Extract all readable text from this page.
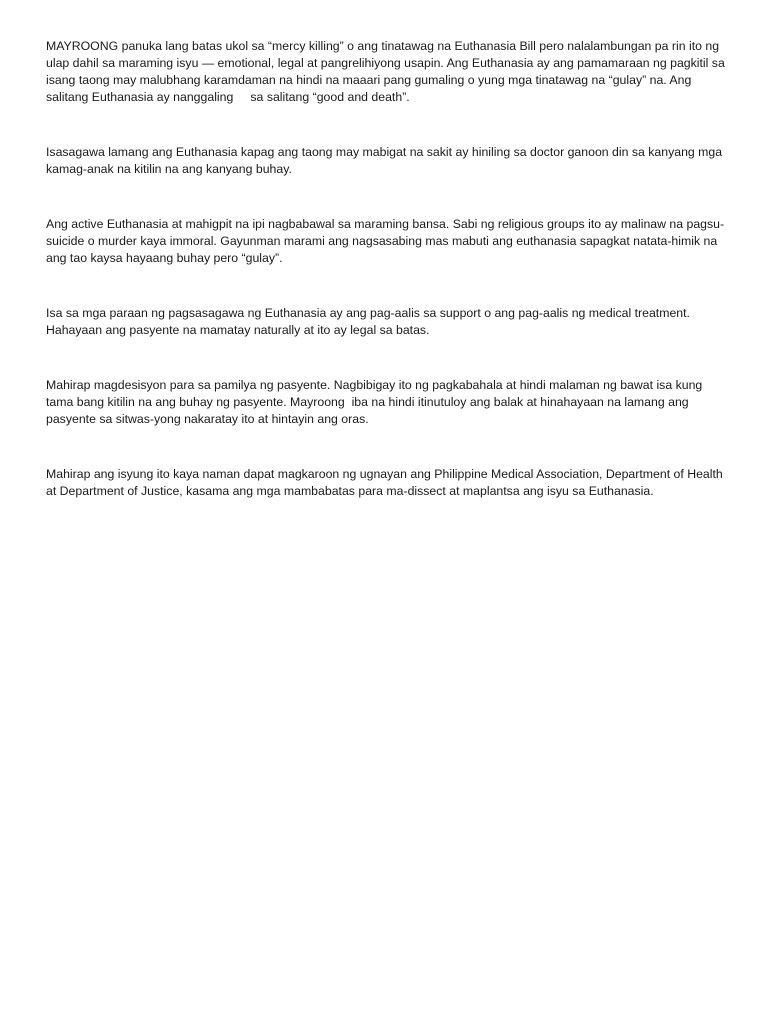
MAYROONG panuka lang batas ukol sa “mercy killing” o ang tinatawag na Euthanasia Bill pero nalalambungan pa rin ito ng ulap dahil sa maraming isyu — emotional, legal at pangrelihiyong usapin. Ang Euthanasia ay ang pamamaraan ng pagkitil sa isang taong may malubhang karamdaman na hindi na maaari pang gumaling o yung mga tinatawag na “gulay” na. Ang salitang Euthanasia ay nanggaling     sa salitang “good and death”.

Isasagawa lamang ang Euthanasia kapag ang taong may mabigat na sakit ay hiniling sa doctor ganoon din sa kanyang mga kamag-anak na kitilin na ang kanyang buhay.

Ang active Euthanasia at mahigpit na ipi nagbabawal sa maraming bansa. Sabi ng religious groups ito ay malinaw na pagsu-suicide o murder kaya immoral. Gayunman marami ang nagsasabing mas mabuti ang euthanasia sapagkat natata-himik na ang tao kaysa hayaang buhay pero “gulay”.

Isa sa mga paraan ng pagsasagawa ng Euthanasia ay ang pag-aalis sa support o ang pag-aalis ng medical treatment. Hahayaan ang pasyente na mamatay naturally at ito ay legal sa batas.

Mahirap magdesisyon para sa pamilya ng pasyente. Nagbibigay ito ng pagkabahala at hindi malaman ng bawat isa kung tama bang kitilin na ang buhay ng pasyente. Mayroong  iba na hindi itinutuloy ang balak at hinahayaan na lamang ang pasyente sa sitwas-yong nakaratay ito at hintayin ang oras.

Mahirap ang isyung ito kaya naman dapat magkaroon ng ugnayan ang Philippine Medical Association, Department of Health at Department of Justice, kasama ang mga mambabatas para ma-dissect at maplantsa ang isyu sa Euthanasia.
